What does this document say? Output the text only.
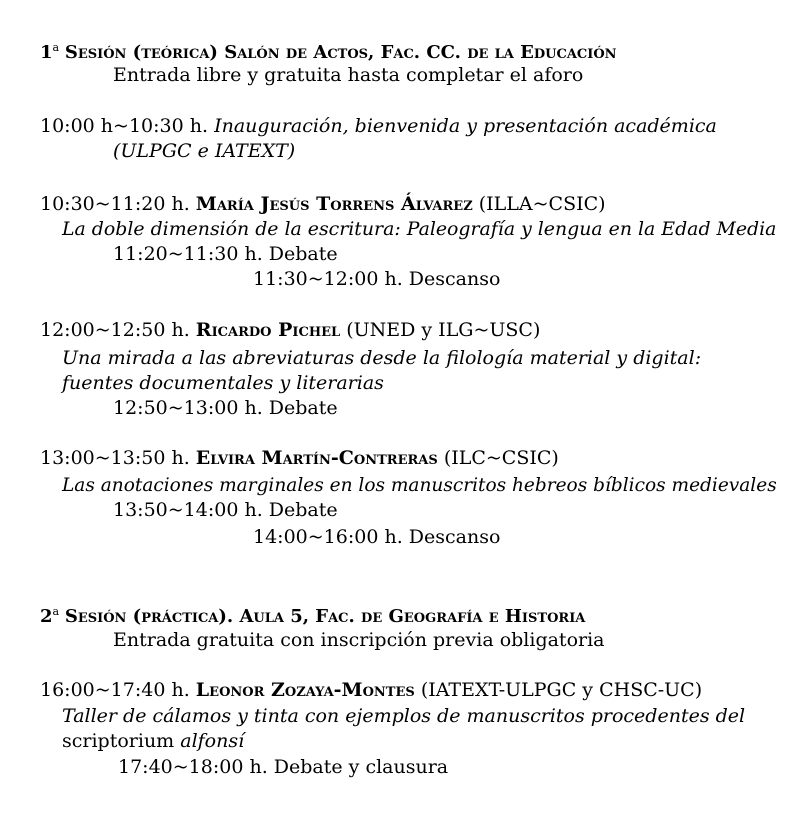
1$^a$ Sesión (teórica) Salón de Actos, Fac. CC. de la Educación
Entrada libre y gratuita hasta completar el aforo
10:00 h~10:30 h. Inauguración, bienvenida y presentación académica
(ULPGC e IATEXT)
10:30~11:20 h. María Jesús Torrens Álvarez (ILLA~CSIC)
La doble dimensión de la escritura: Paleografía y lengua en la Edad Media
11:20~11:30 h. Debate
11:30~12:00 h. Descanso
12:00~12:50 h. Ricardo Pichel (UNED y ILG~USC)
Una mirada a las abreviaturas desde la filología material y digital:
fuentes documentales y literarias
12:50~13:00 h. Debate
13:00~13:50 h. Elvira Martín-Contreras (ILC~CSIC)
Las anotaciones marginales en los manuscritos hebreos bíblicos medievales
13:50~14:00 h. Debate
14:00~16:00 h. Descanso
2$^a$ Sesión (práctica). Aula 5, Fac. de Geografía e Historia
Entrada gratuita con inscripción previa obligatoria
16:00~17:40 h. Leonor Zozaya-Montes (IATEXT-ULPGC y CHSC-UC)
Taller de cálamos y tinta con ejemplos de manuscritos procedentes del
scriptorium alfonsí
17:40~18:00 h. Debate y clausura
